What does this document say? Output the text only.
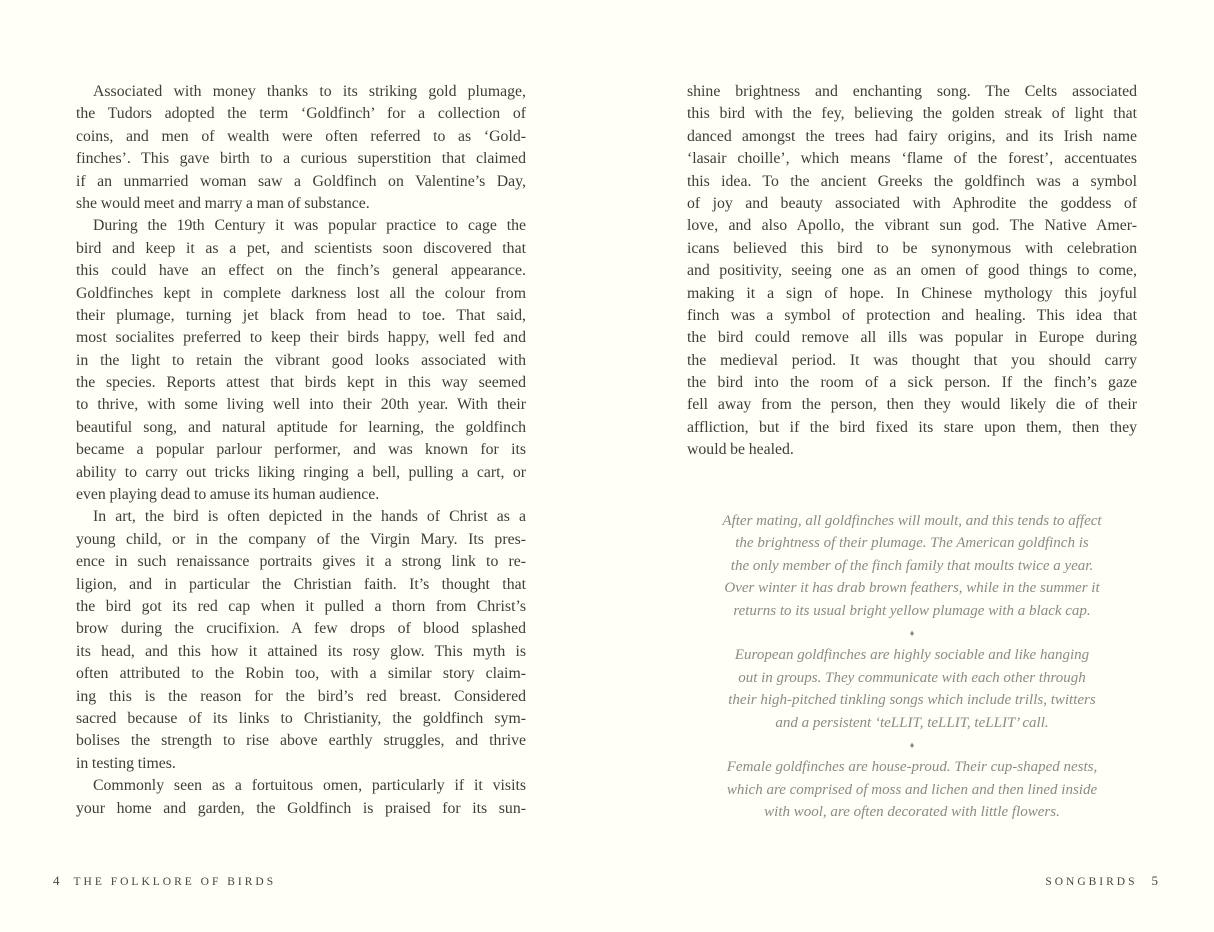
Associated with money thanks to its striking gold plumage,
the Tudors adopted the term ‘Goldfinch’ for a collection of
coins, and men of wealth were often referred to as ‘Gold-
finches’. This gave birth to a curious superstition that claimed
if an unmarried woman saw a Goldfinch on Valentine’s Day,
she would meet and marry a man of substance.
During the 19th Century it was popular practice to cage the
bird and keep it as a pet, and scientists soon discovered that
this could have an effect on the finch’s general appearance.
Goldfinches kept in complete darkness lost all the colour from
their plumage, turning jet black from head to toe. That said,
most socialites preferred to keep their birds happy, well fed and
in the light to retain the vibrant good looks associated with
the species. Reports attest that birds kept in this way seemed
to thrive, with some living well into their 20th year. With their
beautiful song, and natural aptitude for learning, the goldfinch
became a popular parlour performer, and was known for its
ability to carry out tricks liking ringing a bell, pulling a cart, or
even playing dead to amuse its human audience.
In art, the bird is often depicted in the hands of Christ as a
young child, or in the company of the Virgin Mary. Its pres-
ence in such renaissance portraits gives it a strong link to re-
ligion, and in particular the Christian faith. It’s thought that
the bird got its red cap when it pulled a thorn from Christ’s
brow during the crucifixion. A few drops of blood splashed
its head, and this how it attained its rosy glow. This myth is
often attributed to the Robin too, with a similar story claim-
ing this is the reason for the bird’s red breast. Considered
sacred because of its links to Christianity, the goldfinch sym-
bolises the strength to rise above earthly struggles, and thrive
in testing times.
Commonly seen as a fortuitous omen, particularly if it visits
your home and garden, the Goldfinch is praised for its sun-
shine brightness and enchanting song. The Celts associated
this bird with the fey, believing the golden streak of light that
danced amongst the trees had fairy origins, and its Irish name
‘lasair choille’, which means ‘flame of the forest’, accentuates
this idea. To the ancient Greeks the goldfinch was a symbol
of joy and beauty associated with Aphrodite the goddess of
love, and also Apollo, the vibrant sun god. The Native Amer-
icans believed this bird to be synonymous with celebration
and positivity, seeing one as an omen of good things to come,
making it a sign of hope. In Chinese mythology this joyful
finch was a symbol of protection and healing. This idea that
the bird could remove all ills was popular in Europe during
the medieval period. It was thought that you should carry
the bird into the room of a sick person. If the finch’s gaze
fell away from the person, then they would likely die of their
affliction, but if the bird fixed its stare upon them, then they
would be healed.
After mating, all goldfinches will moult, and this tends to affect
the brightness of their plumage. The American goldfinch is
the only member of the finch family that moults twice a year.
Over winter it has drab brown feathers, while in the summer it
returns to its usual bright yellow plumage with a black cap.
♦
European goldfinches are highly sociable and like hanging
out in groups. They communicate with each other through
their high-pitched tinkling songs which include trills, twitters
and a persistent ‘teLLIT, teLLIT, teLLIT’ call.
♦
Female goldfinches are house-proud. Their cup-shaped nests,
which are comprised of moss and lichen and then lined inside
with wool, are often decorated with little flowers.
4 THE FOLKLORE OF BIRDS	SONGBIRDS 5
